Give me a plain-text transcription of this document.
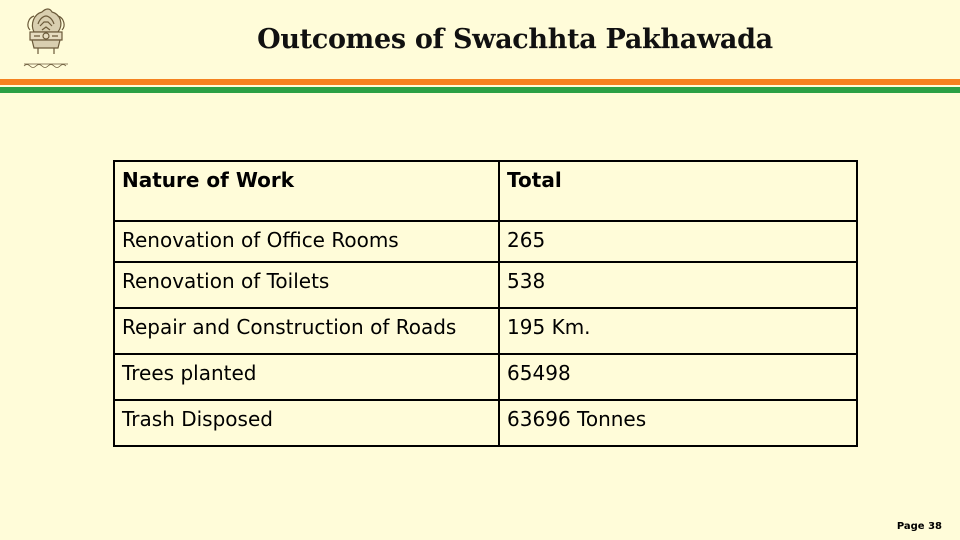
Outcomes of Swachhta Pakhawada
Nature of Work	Total
Renovation of Office Rooms	265
Renovation of Toilets	538
Repair and Construction of Roads	195 Km.
Trees planted	65498
Trash Disposed	63696 Tonnes
Page 38
